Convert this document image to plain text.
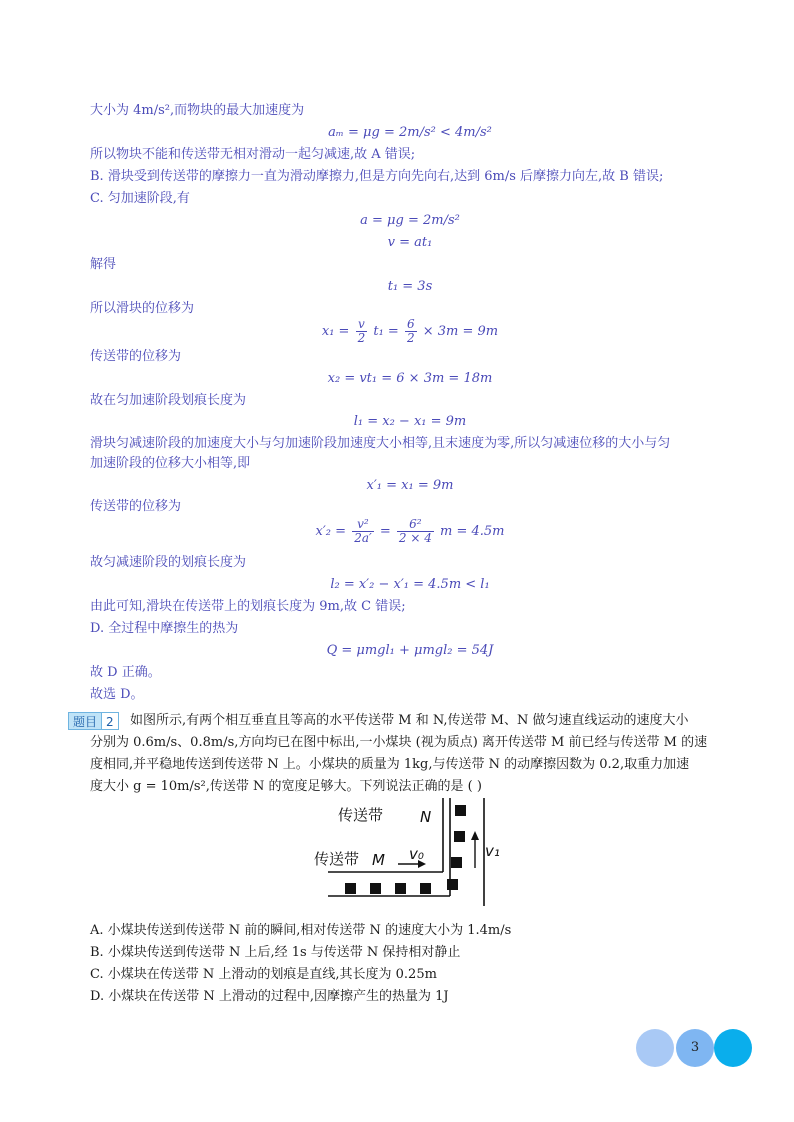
大小为 4m/s²,而物块的最大加速度为
aₘ = μg = 2m/s² < 4m/s²
所以物块不能和传送带无相对滑动一起匀减速,故 A 错误;
B. 滑块受到传送带的摩擦力一直为滑动摩擦力,但是方向先向右,达到 6m/s 后摩擦力向左,故 B 错误;
C. 匀加速阶段,有
a = μg = 2m/s²
v = at₁
解得
t₁ = 3s
所以滑块的位移为
$x_1 = \frac{v}{2} t_1 = \frac{6}{2} \times 3m = 9m$
传送带的位移为
x₂ = vt₁ = 6 × 3m = 18m
故在匀加速阶段划痕长度为
l₁ = x₂ − x₁ = 9m
滑块匀减速阶段的加速度大小与匀加速阶段加速度大小相等,且末速度为零,所以匀减速位移的大小与匀
加速阶段的位移大小相等,即
x′₁ = x₁ = 9m
传送带的位移为
$x'_2 = \frac{\text{v²}}{2a'} = \frac{\text{6²}}{2 \times 4}$ m = 4.5m
故匀减速阶段的划痕长度为
l₂ = x′₂ − x′₁ = 4.5m < l₁
由此可知,滑块在传送带上的划痕长度为 9m,故 C 错误;
D. 全过程中摩擦生的热为
Q = μmgl₁ + μmgl₂ = 54J
故 D 正确。
故选 D。
题目 2	如图所示,有两个相互垂直且等高的水平传送带 M 和 N,传送带 M、N 做匀速直线运动的速度大小
分别为 0.6m/s、0.8m/s,方向均已在图中标出,一小煤块 (视为质点) 离开传送带 M 前已经与传送带 M 的速
度相同,并平稳地传送到传送带 N 上。小煤块的质量为 1kg,与传送带 N 的动摩擦因数为 0.2,取重力加速
度大小 g = 10m/s²,传送带 N 的宽度足够大。下列说法正确的是 ( )
传送带 N
传送带 M v₀	v₁
A. 小煤块传送到传送带 N 前的瞬间,相对传送带 N 的速度大小为 1.4m/s
B. 小煤块传送到传送带 N 上后,经 1s 与传送带 N 保持相对静止
C. 小煤块在传送带 N 上滑动的划痕是直线,其长度为 0.25m
D. 小煤块在传送带 N 上滑动的过程中,因摩擦产生的热量为 1J
3
